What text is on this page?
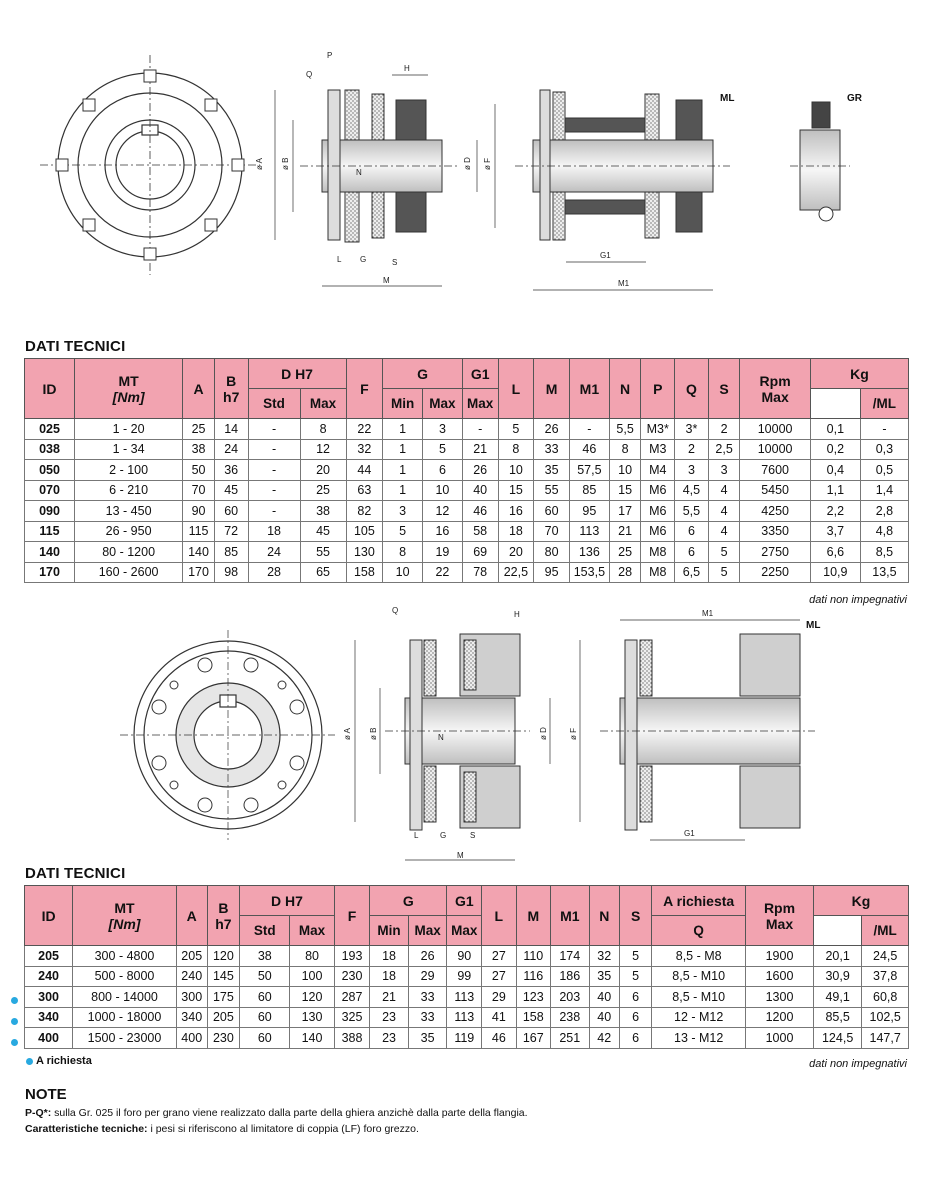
ML	GR
P
Q
H
ø A ø B	ø D ø F
N
L G	S
M
G1
M1
DATI TECNICI
ID	MT
[Nm]	A	B
h7	D H7		F	G		G1	L	M	M1	N	P	Q	S	Rpm
Max	Kg	
				Std	Max		Min	Max	Max										/ML
025	1 - 20	25	14	-	8	22	1	3	-	5	26	-	5,5	M3*	3*	2	10000	0,1	-
038	1 - 34	38	24	-	12	32	1	5	21	8	33	46	8	M3	2	2,5	10000	0,2	0,3
050	2 - 100	50	36	-	20	44	1	6	26	10	35	57,5	10	M4	3	3	7600	0,4	0,5
070	6 - 210	70	45	-	25	63	1	10	40	15	55	85	15	M6	4,5	4	5450	1,1	1,4
090	13 - 450	90	60	-	38	82	3	12	46	16	60	95	17	M6	5,5	4	4250	2,2	2,8
115	26 - 950	115	72	18	45	105	5	16	58	18	70	113	21	M6	6	4	3350	3,7	4,8
140	80 - 1200	140	85	24	55	130	8	19	69	20	80	136	25	M8	6	5	2750	6,6	8,5
170	160 - 2600	170	98	28	65	158	10	22	78	22,5	95	153,5	28	M8	6,5	5	2250	10,9	13,5
dati non impegnativi
ML
Q	H	M1
ø A ø B	ø D	ø F
N
L	G	S
M
G1
DATI TECNICI
ID	MT
[Nm]	A	B
h7	D H7		F	G		G1	L	M	M1	N	S	A richiesta	Rpm
Max	Kg	
				Std	Max		Min	Max	Max						Q			/ML
205	300 - 4800	205	120	38	80	193	18	26	90	27	110	174	32	5	8,5 - M8	1900	20,1	24,5
240	500 - 8000	240	145	50	100	230	18	29	99	27	116	186	35	5	8,5 - M10	1600	30,9	37,8
300	800 - 14000	300	175	60	120	287	21	33	113	29	123	203	40	6	8,5 - M10	1300	49,1	60,8
340	1000 - 18000	340	205	60	130	325	23	33	113	41	158	238	40	6	12 - M12	1200	85,5	102,5
400	1500 - 23000	400	230	60	140	388	23	35	119	46	167	251	42	6	13 - M12	1000	124,5	147,7
A richiesta	dati non impegnativi
NOTE
P-Q*: sulla Gr. 025 il foro per grano viene realizzato dalla parte della ghiera anzichè dalla parte della flangia.
Caratteristiche tecniche: i pesi si riferiscono al limitatore di coppia (LF) foro grezzo.
